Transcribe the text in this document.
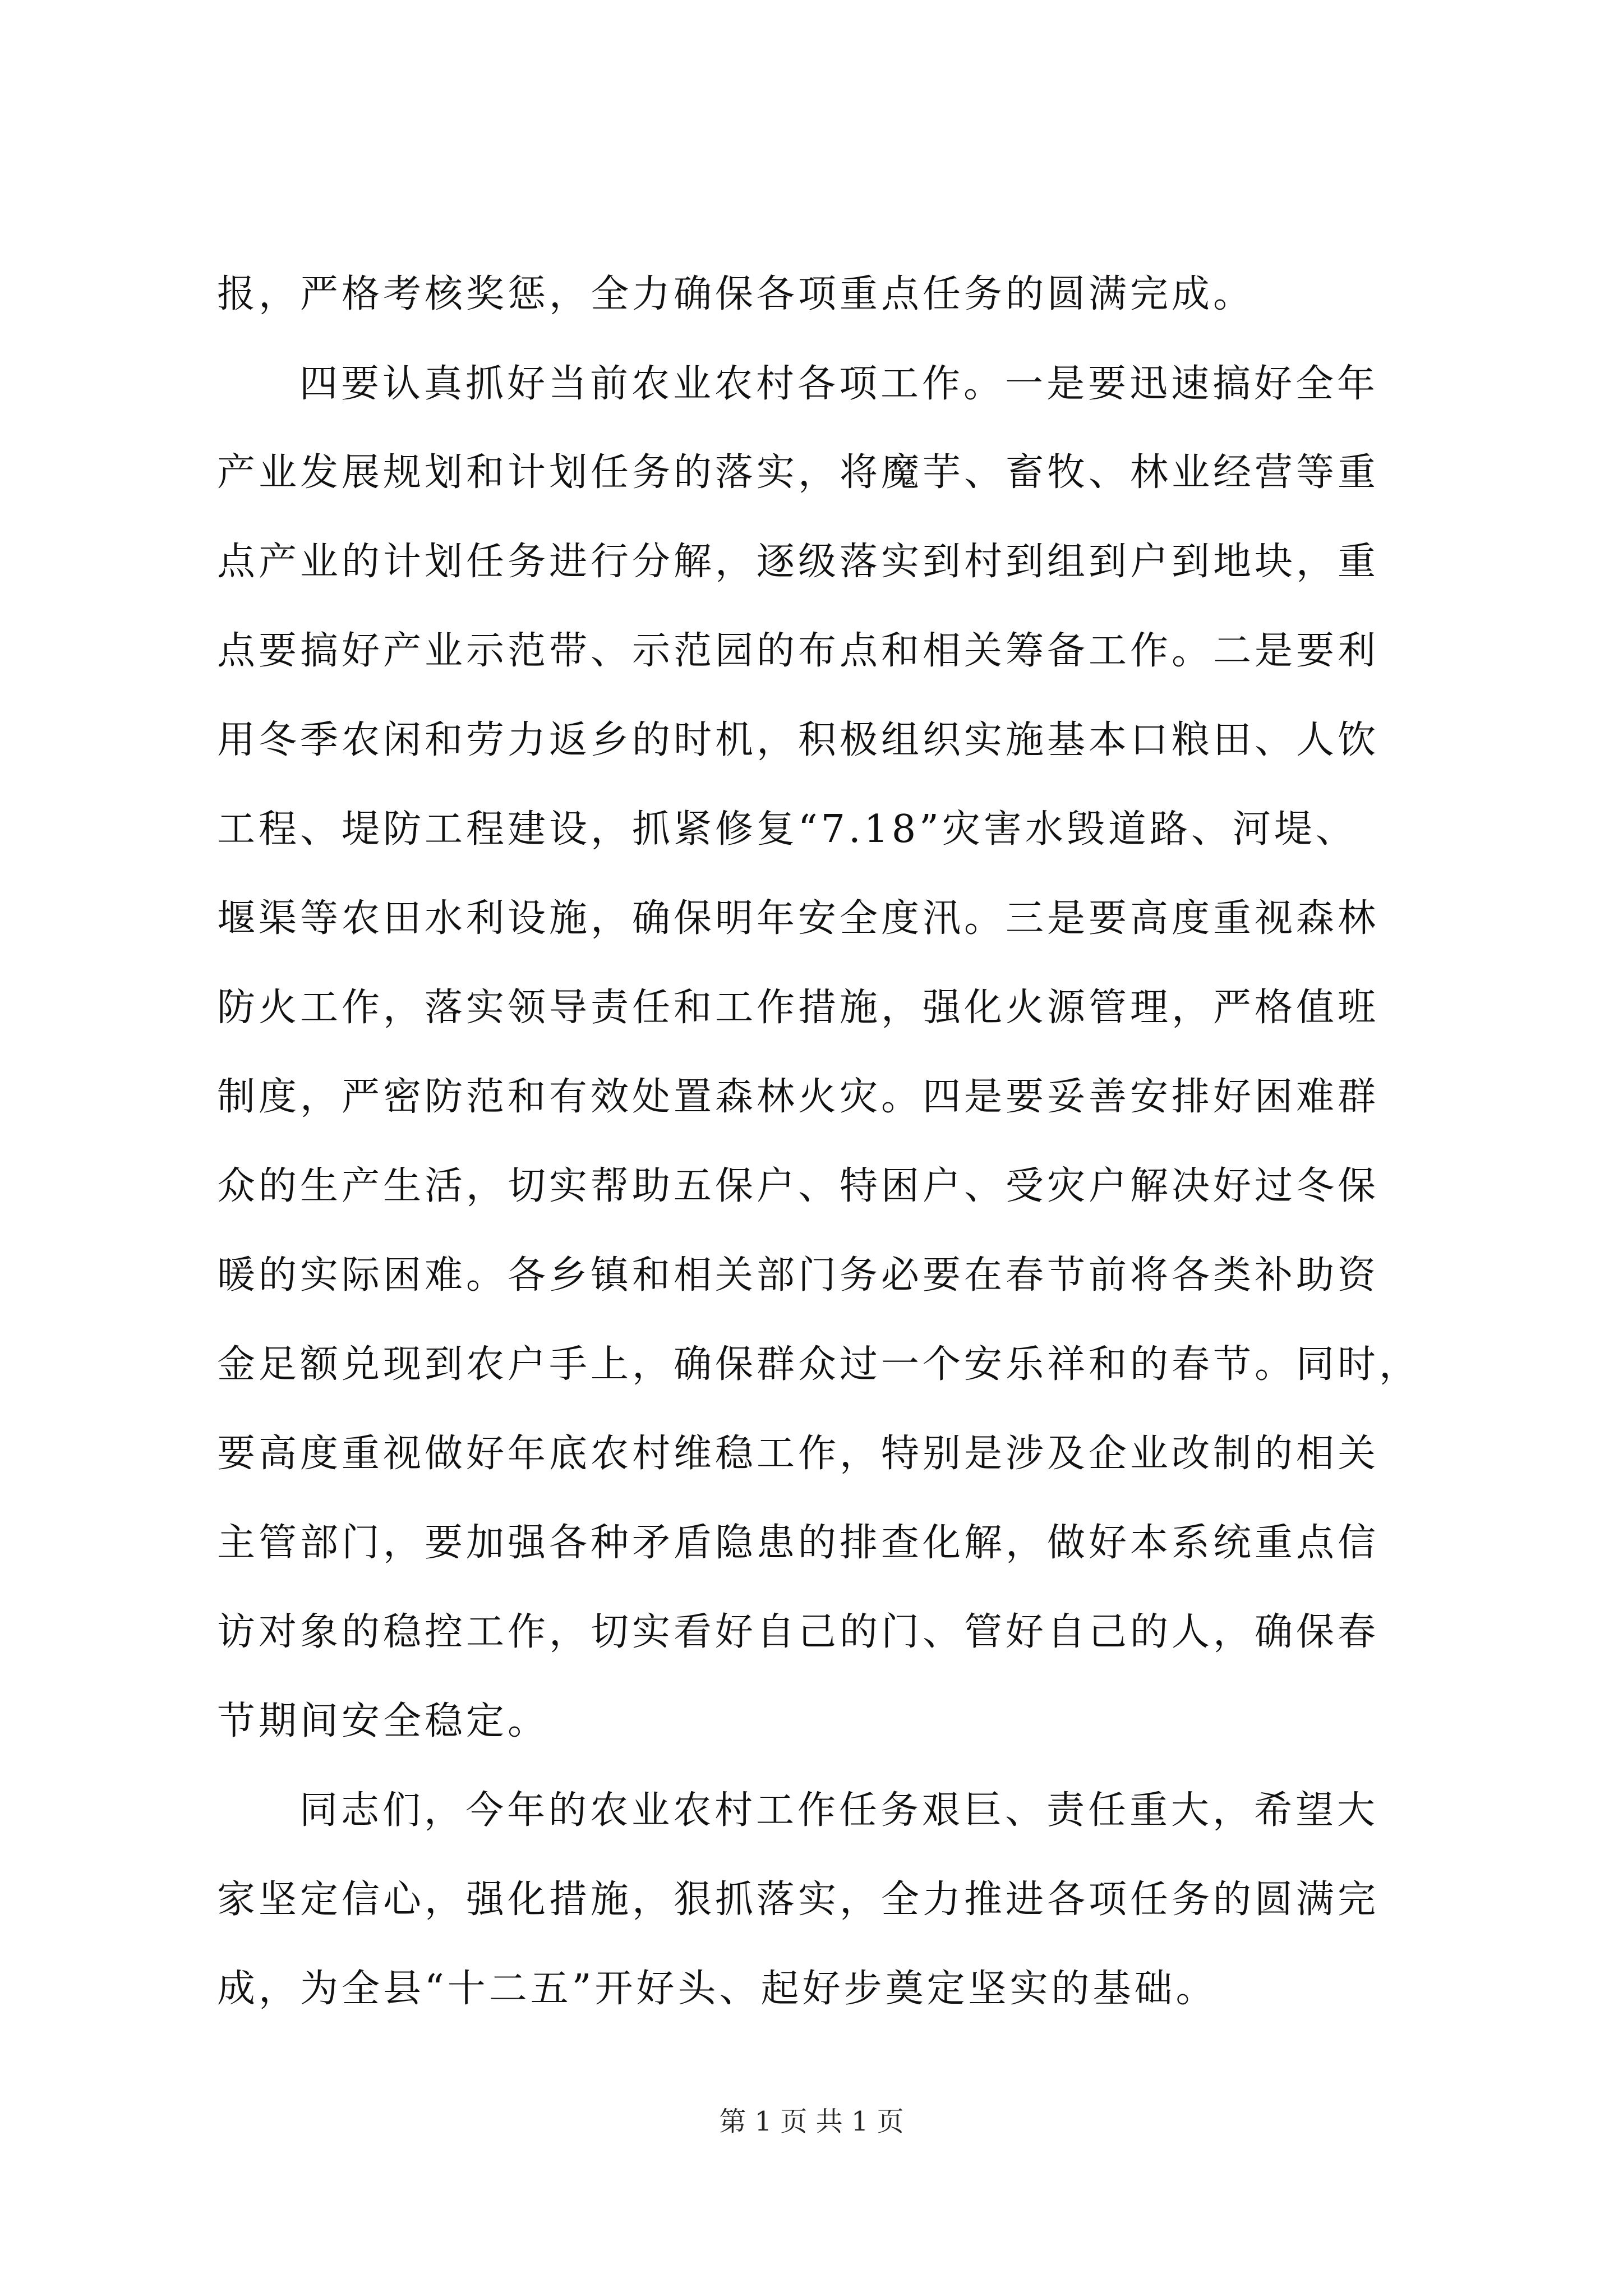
报，严格考核奖惩，全力确保各项重点任务的圆满完成。
四要认真抓好当前农业农村各项工作。一是要迅速搞好全年
产业发展规划和计划任务的落实，将魔芋、畜牧、林业经营等重
点产业的计划任务进行分解，逐级落实到村到组到户到地块，重
点要搞好产业示范带、示范园的布点和相关筹备工作。二是要利
用冬季农闲和劳力返乡的时机，积极组织实施基本口粮田、人饮
工程、堤防工程建设，抓紧修复“7.18”灾害水毁道路、河堤、
堰渠等农田水利设施，确保明年安全度汛。三是要高度重视森林
防火工作，落实领导责任和工作措施，强化火源管理，严格值班
制度，严密防范和有效处置森林火灾。四是要妥善安排好困难群
众的生产生活，切实帮助五保户、特困户、受灾户解决好过冬保
暖的实际困难。各乡镇和相关部门务必要在春节前将各类补助资
金足额兑现到农户手上，确保群众过一个安乐祥和的春节。同时，
要高度重视做好年底农村维稳工作，特别是涉及企业改制的相关
主管部门，要加强各种矛盾隐患的排查化解，做好本系统重点信
访对象的稳控工作，切实看好自己的门、管好自己的人，确保春
节期间安全稳定。
同志们，今年的农业农村工作任务艰巨、责任重大，希望大
家坚定信心，强化措施，狠抓落实，全力推进各项任务的圆满完
成，为全县“十二五”开好头、起好步奠定坚实的基础。
第 1 页 共 1 页
